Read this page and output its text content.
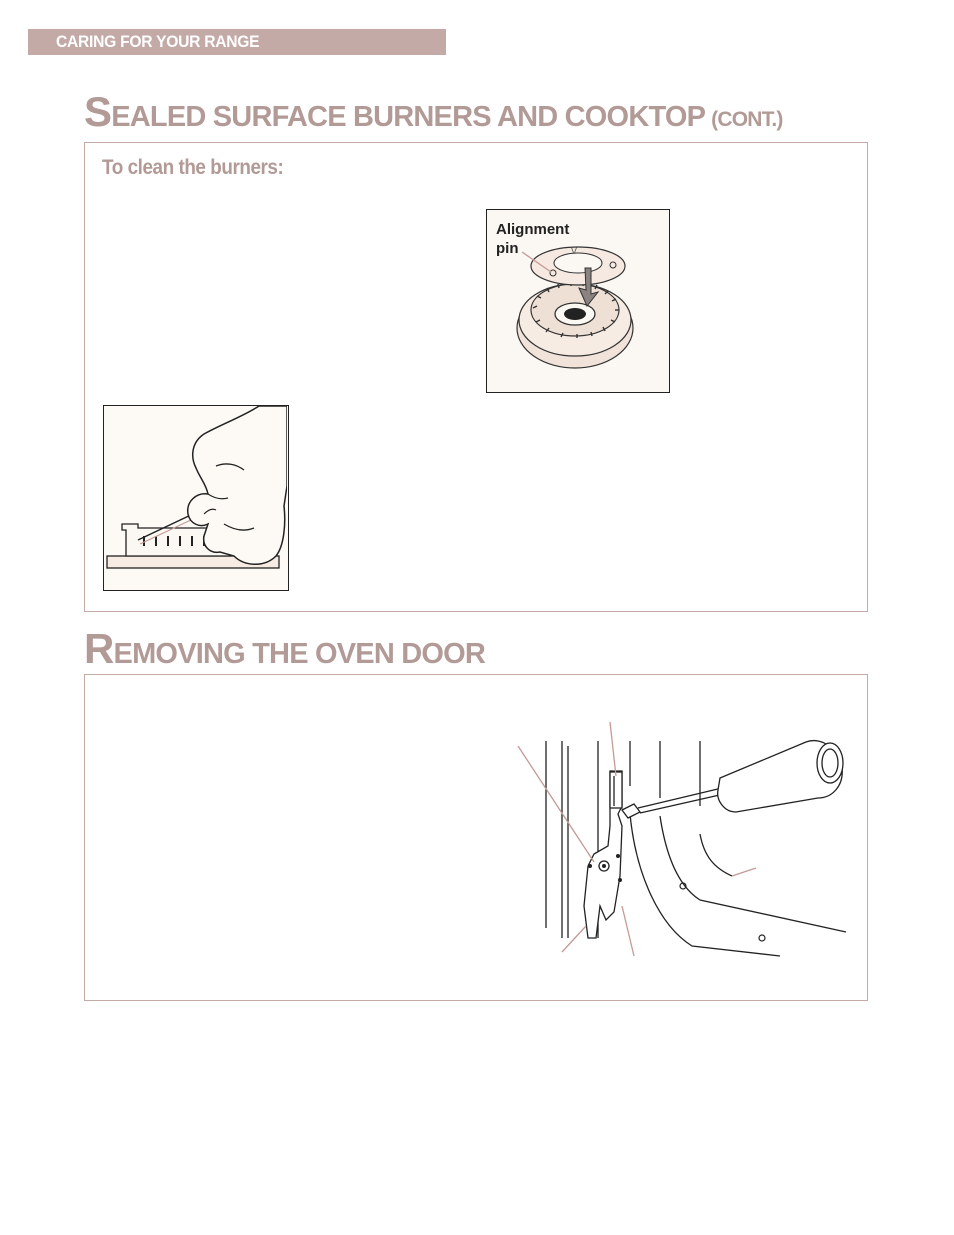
CARING FOR YOUR RANGE
SEALED SURFACE BURNERS AND COOKTOP (CONT.)
To clean the burners:
V
Alignment
pin
REMOVING THE OVEN DOOR
